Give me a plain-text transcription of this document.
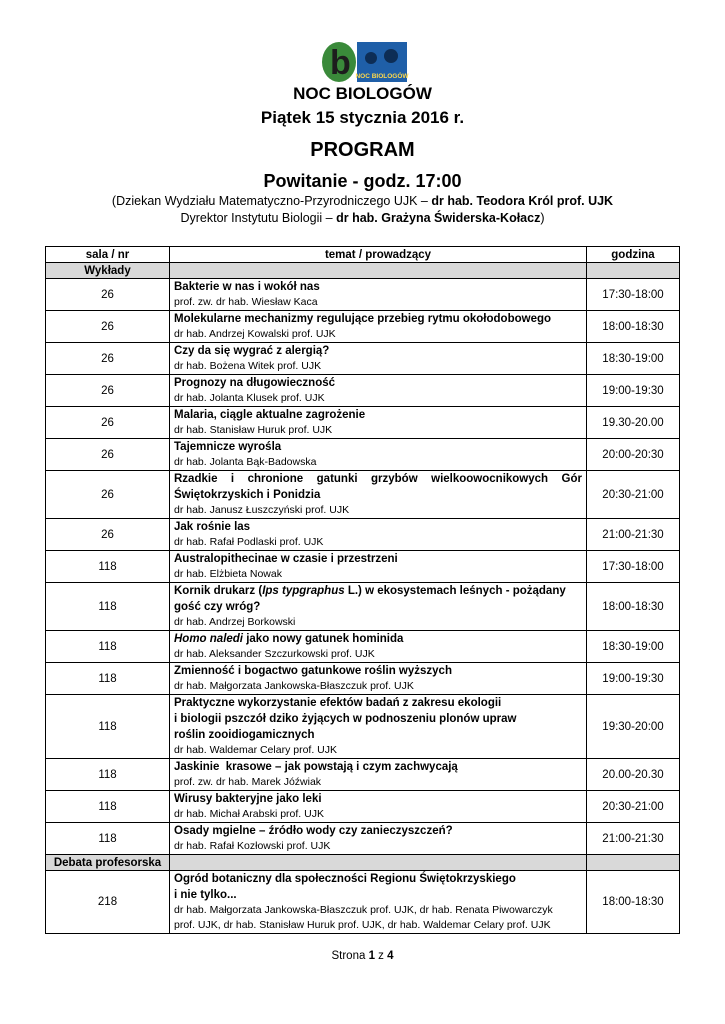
b NOC BIOLOGÓW
NOC BIOLOGÓW
Piątek 15 stycznia 2016 r.
PROGRAM
Powitanie - godz. 17:00
(Dziekan Wydziału Matematyczno-Przyrodniczego UJK – dr hab. Teodora Król prof. UJK
Dyrektor Instytutu Biologii – dr hab. Grażyna Świderska-Kołacz)
sala / nr	temat / prowadzący	godzina
Wykłady		
26	Bakterie w nas i wokół nas
prof. zw. dr hab. Wiesław Kaca	17:30-18:00
26	Molekularne mechanizmy regulujące przebieg rytmu okołodobowego
dr hab. Andrzej Kowalski prof. UJK	18:00-18:30
26	Czy da się wygrać z alergią?
dr hab. Bożena Witek prof. UJK	18:30-19:00
26	Prognozy na długowieczność
dr hab. Jolanta Klusek prof. UJK	19:00-19:30
26	Malaria, ciągle aktualne zagrożenie
dr hab. Stanisław Huruk prof. UJK	19.30-20.00
26	Tajemnicze wyrośla
dr hab. Jolanta Bąk-Badowska	20:00-20:30
26	Rzadkie i chronione gatunki grzybów wielkoowocnikowych Gór Świętokrzyskich i Ponidzia
dr hab. Janusz Łuszczyński prof. UJK	20:30-21:00
26	Jak rośnie las
dr hab. Rafał Podlaski prof. UJK	21:00-21:30
118	Australopithecinae w czasie i przestrzeni
dr hab. Elżbieta Nowak	17:30-18:00
118	Kornik drukarz (Ips typgraphus L.) w ekosystemach leśnych - pożądany gość czy wróg?
dr hab. Andrzej Borkowski	18:00-18:30
118	Homo naledi jako nowy gatunek hominida
dr hab. Aleksander Szczurkowski prof. UJK	18:30-19:00
118	Zmienność i bogactwo gatunkowe roślin wyższych
dr hab. Małgorzata Jankowska-Błaszczuk prof. UJK	19:00-19:30
118	Praktyczne wykorzystanie efektów badań z zakresu ekologii
i biologii pszczół dziko żyjących w podnoszeniu plonów upraw
roślin zooidiogamicznych
dr hab. Waldemar Celary prof. UJK	19:30-20:00
118	Jaskinie  krasowe – jak powstają i czym zachwycają
prof. zw. dr hab. Marek Jóźwiak	20.00-20.30
118	Wirusy bakteryjne jako leki
dr hab. Michał Arabski prof. UJK	20:30-21:00
118	Osady mgielne – źródło wody czy zanieczyszczeń?
dr hab. Rafał Kozłowski prof. UJK	21:00-21:30
Debata profesorska		
218	Ogród botaniczny dla społeczności Regionu Świętokrzyskiego
i nie tylko...
dr hab. Małgorzata Jankowska-Błaszczuk prof. UJK, dr hab. Renata Piwowarczyk
prof. UJK, dr hab. Stanisław Huruk prof. UJK, dr hab. Waldemar Celary prof. UJK	18:00-18:30
Strona 1 z 4
